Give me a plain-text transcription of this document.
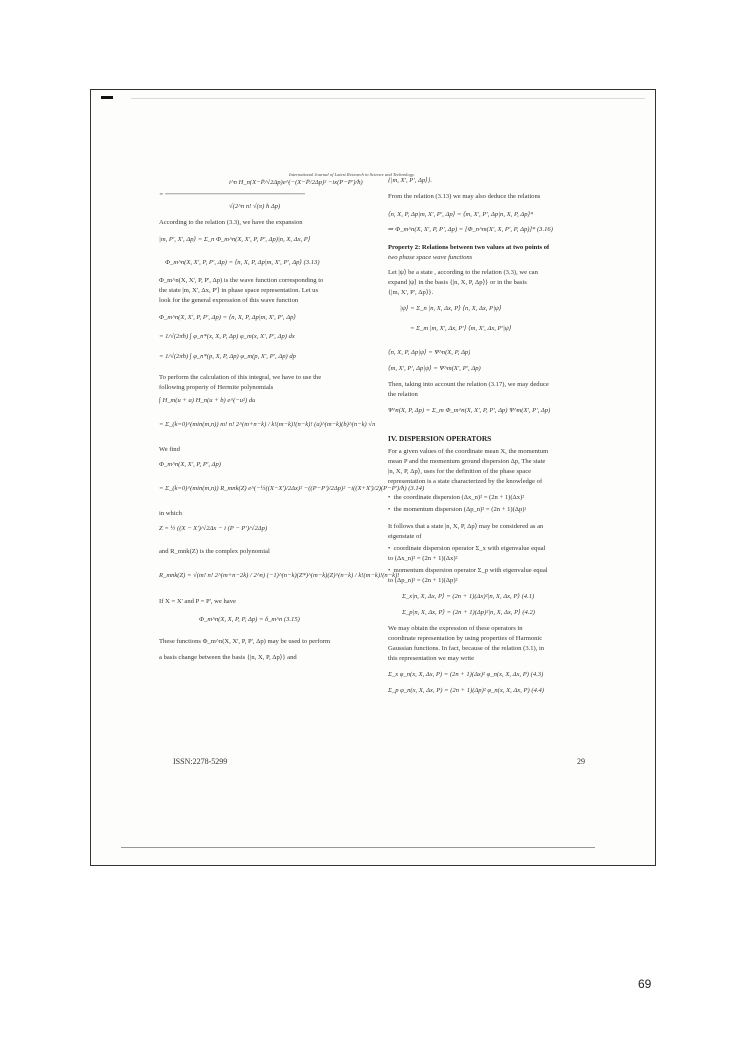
International Journal of Latest Research in Science and Technology.
i^n H_n(X−P̄/√2Δp)e^(−(X−P̄/2Δp)² −ix(P−P')/ħ)
= ──────────────────────────────
√(2^n n! √(π) ħ Δp)
According to the relation (3.3), we have the expansion
|m, P', X', Δp⟩ = Σ_n Φ_m^n(X, X', P, P', Δp)|n, X, Δx, P⟩
Φ_m^n(X, X', P, P', Δp) = ⟨n, X, P, Δp|m, X', P', Δp⟩ (3.13)
Φ_m^n(X, X', P, P', Δp) is the wave function corresponding to
the state |m, X', Δx, P'⟩ in phase space representation. Let us
look for the general expression of this wave function
Φ_m^n(X, X', P, P', Δp) = ⟨n, X, P, Δp|m, X', P', Δp⟩
= 1/√(2πħ) ∫ φ_n*(x, X, P, Δp) φ_m(x, X', P', Δp) dx
= 1/√(2πħ) ∫ φ_n*(p, X, P, Δp) φ_m(p, X', P', Δp) dp
To perform the calculation of this integral, we have to use the
following property of Hermite polynomials
∫ H_m(u + a) H_n(u + b) e^(−u²) du
= Σ_(k=0)^(min(m,n)) m! n! 2^(m+n−k) / k!(m−k)!(n−k)! (a)^(m−k)(b)^(n−k) √π
We find
Φ_m^n(X, X', P, P', Δp)
= Σ_(k=0)^(min(m,n)) R_mnk(Z) e^(−½((X−X')/2Δx)² −((P−P')/2Δp)² −i((X+X')/2)(P−P')/ħ) (3.14)
in which
Z = ½ ((X − X')/√2Δx − i (P − P')/√2Δp)
and R_mnk(Z) is the complex polynomial
R_mnk(Z) = √(m! n! 2^(m+n−2k) / 2^n) (−1)^(n−k)(Z*)^(m−k)(Z)^(n−k) / k!(m−k)!(n−k)!
If X = X' and P = P', we have
Φ_m^n(X, X, P, P, Δp) = δ_m^n (3.15)
These functions Φ_m^n(X, X', P, P', Δp) may be used to perform
a basis change between the basis {|n, X, P, Δp⟩} and
{|m, X', P', Δp⟩}.
From the relation (3.13) we may also deduce the relations
⟨n, X, P, Δp|m, X', P', Δp⟩ = ⟨m, X', P', Δp|n, X, P, Δp⟩*
⇒ Φ_m^n(X, X', P, P', Δp) = [Φ_n^m(X', X, P', P, Δp)]* (3.16)
Property 2: Relations between two values at two points of
two phase space wave functions
Let |ψ⟩ be a state , according to the relation (3.3), we can
expand |ψ⟩ in the basis {|n, X, P, Δp⟩} or in the basis
{|m, X', P', Δp⟩}.
|ψ⟩ = Σ_n |n, X, Δx, P⟩ ⟨n, X, Δx, P|ψ⟩
= Σ_m |m, X', Δx, P'⟩ ⟨m, X', Δx, P'|ψ⟩
⟨n, X, P, Δp|ψ⟩ = Ψ^n(X, P, Δp)
⟨m, X', P', Δp|ψ⟩ = Ψ^m(X', P', Δp)
Then, taking into account the relation (3.17), we may deduce
the relation
Ψ^n(X, P, Δp) = Σ_m Φ_m^n(X, X', P, P', Δp) Ψ^m(X', P', Δp)
IV. DISPERSION OPERATORS
For a given values of the coordinate mean X, the momentum
mean P and the momentum ground dispersion Δp, The state
|n, X, P, Δp⟩, uses for the definition of the phase space
representation is a state characterized by the knowledge of
•  the coordinate dispersion (Δx_n)² = (2n + 1)(Δx)²
•  the momentum dispersion (Δp_n)² = (2n + 1)(Δp)²
It follows that a state |n, X, P, Δp⟩ may be considered as an
eigenstate of
•  coordinate dispersion operator Σ_x with eigenvalue equal
to (Δx_n)² = (2n + 1)(Δx)²
•  momentum dispersion operator Σ_p with eigenvalue equal
to (Δp_n)² = (2n + 1)(Δp)²
Σ_x|n, X, Δx, P⟩ = (2n + 1)(Δx)²|n, X, Δx, P⟩ (4.1)
Σ_p|n, X, Δx, P⟩ = (2n + 1)(Δp)²|n, X, Δx, P⟩ (4.2)
We may obtain the expression of these operators in
coordinate representation by using properties of Harmonic
Gaussian functions. In fact, because of the relation (3.1), in
this representation we may write
Σ_x φ_n(x, X, Δx, P) = (2n + 1)(Δx)² φ_n(x, X, Δx, P) (4.3)
Σ_p φ_n(x, X, Δx, P) = (2n + 1)(Δp)² φ_n(x, X, Δx, P) (4.4)
ISSN:2278-5299	29
69
